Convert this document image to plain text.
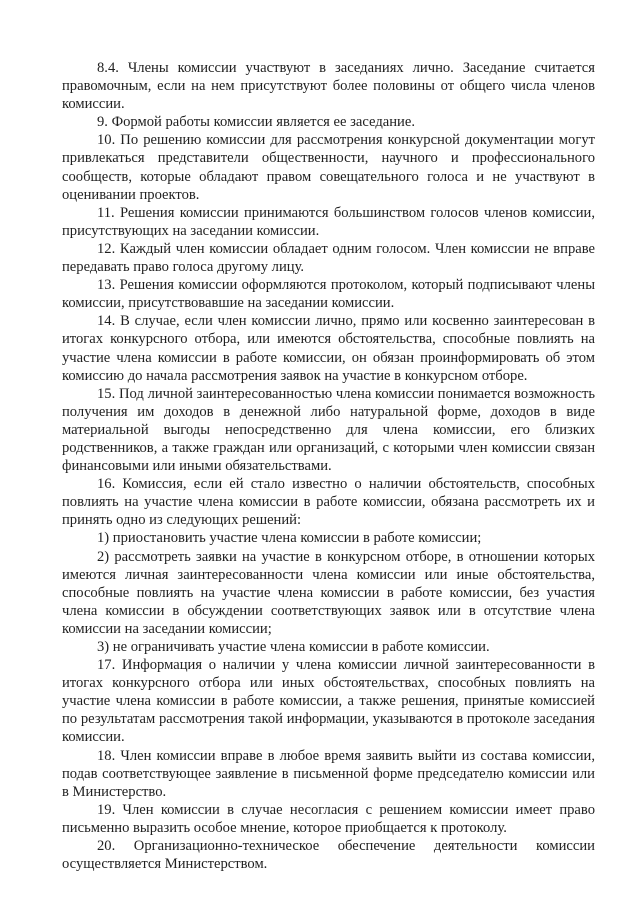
8.4. Члены комиссии участвуют в заседаниях лично. Заседание считается правомочным, если на нем присутствуют более половины от общего числа членов комиссии.

9. Формой работы комиссии является ее заседание.

10. По решению комиссии для рассмотрения конкурсной документации могут привлекаться представители общественности, научного и профессионального сообществ, которые обладают правом совещательного голоса и не участвуют в оценивании проектов.

11. Решения комиссии принимаются большинством голосов членов комиссии, присутствующих на заседании комиссии.

12. Каждый член комиссии обладает одним голосом. Член комиссии не вправе передавать право голоса другому лицу.

13. Решения комиссии оформляются протоколом, который подписывают члены комиссии, присутствовавшие на заседании комиссии.

14. В случае, если член комиссии лично, прямо или косвенно заинтересован в итогах конкурсного отбора, или имеются обстоятельства, способные повлиять на участие члена комиссии в работе комиссии, он обязан проинформировать об этом комиссию до начала рассмотрения заявок на участие в конкурсном отборе.

15. Под личной заинтересованностью члена комиссии понимается возможность получения им доходов в денежной либо натуральной форме, доходов в виде материальной выгоды непосредственно для члена комиссии, его близких родственников, а также граждан или организаций, с которыми член комиссии связан финансовыми или иными обязательствами.

16. Комиссия, если ей стало известно о наличии обстоятельств, способных повлиять на участие члена комиссии в работе комиссии, обязана рассмотреть их и принять одно из следующих решений:

1) приостановить участие члена комиссии в работе комиссии;

2) рассмотреть заявки на участие в конкурсном отборе, в отношении которых имеются личная заинтересованности члена комиссии или иные обстоятельства, способные повлиять на участие члена комиссии в работе комиссии, без участия члена комиссии в обсуждении соответствующих заявок или в отсутствие члена комиссии на заседании комиссии;

3) не ограничивать участие члена комиссии в работе комиссии.

17. Информация о наличии у члена комиссии личной заинтересованности в итогах конкурсного отбора или иных обстоятельствах, способных повлиять на участие члена комиссии в работе комиссии, а также решения, принятые комиссией по результатам рассмотрения такой информации, указываются в протоколе заседания комиссии.

18. Член комиссии вправе в любое время заявить выйти из состава комиссии, подав соответствующее заявление в письменной форме председателю комиссии или в Министерство.

19. Член комиссии в случае несогласия с решением комиссии имеет право письменно выразить особое мнение, которое приобщается к протоколу.

20. Организационно-техническое обеспечение деятельности комиссии осуществляется Министерством.
